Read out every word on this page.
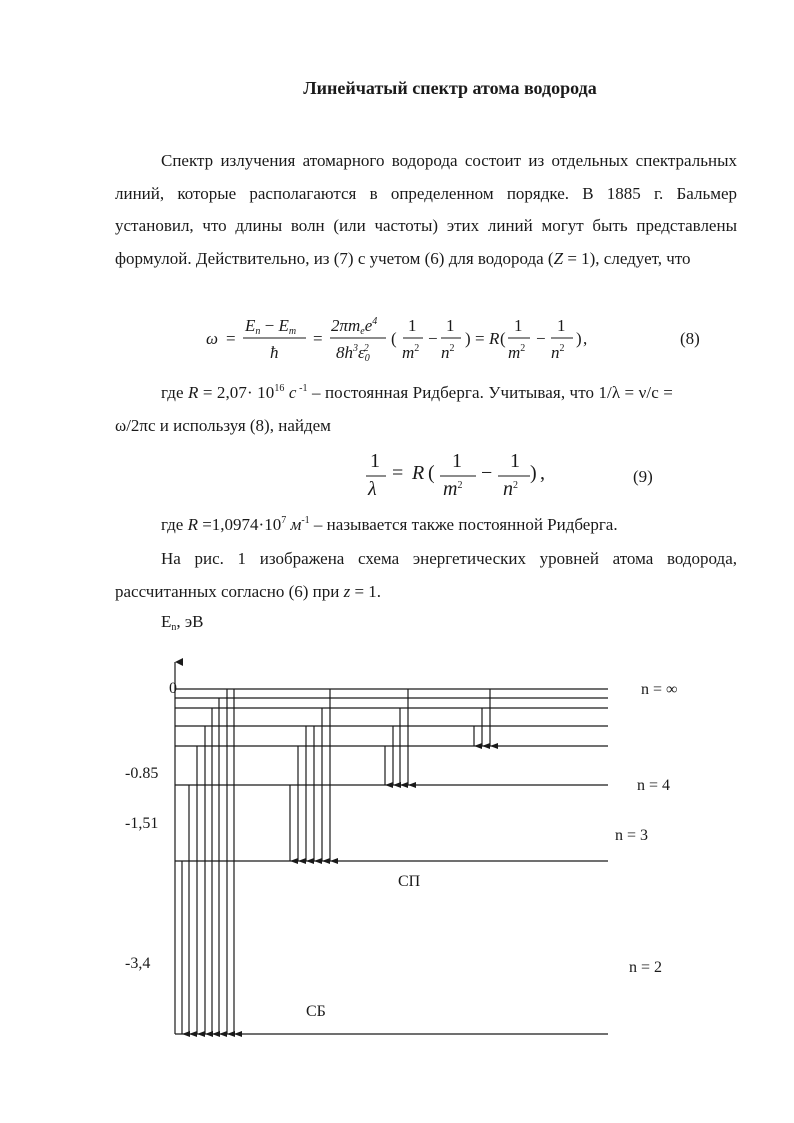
Линейчатый спектр атома водорода
Спектр излучения атомарного водорода состоит из отдельных спектральных линий, которые располагаются в определенном порядке. В 1885 г. Бальмер установил, что длины волн (или частоты) этих линий могут быть представлены формулой. Действительно, из (7) с учетом (6) для водорода (Z = 1), следует, что
ω =
$E_n - E_m$
ħ
=
$2\pi m_ee^4$
$8h^3\varepsilon_0^2$
(
1
$m^2$
−
1
$n^2$
) = R (
1
$m^2$
−
1
$n^2$
) ,	(8)
где $R = 2,07\cdot 10^{16}$ c $^{-1}$ – постоянная Ридберга. Учитывая, что 1/λ = ν/c =
ω/2πc и используя (8), найдем
1
λ
= R (
1
$m^2$
−
1
$n^2$
) ,	(9)
где $R =1,0974\cdot 10^7$ $м^{-1}$ – называется также постоянной Ридберга.
На рис. 1 изображена схема энергетических уровней атома водорода, рассчитанных согласно (6) при z = 1.
$E_n$, эВ
0
-0.85
-1,51
-3,4
n = ∞
n = 4
n = 3
n = 2
СП
СБ
